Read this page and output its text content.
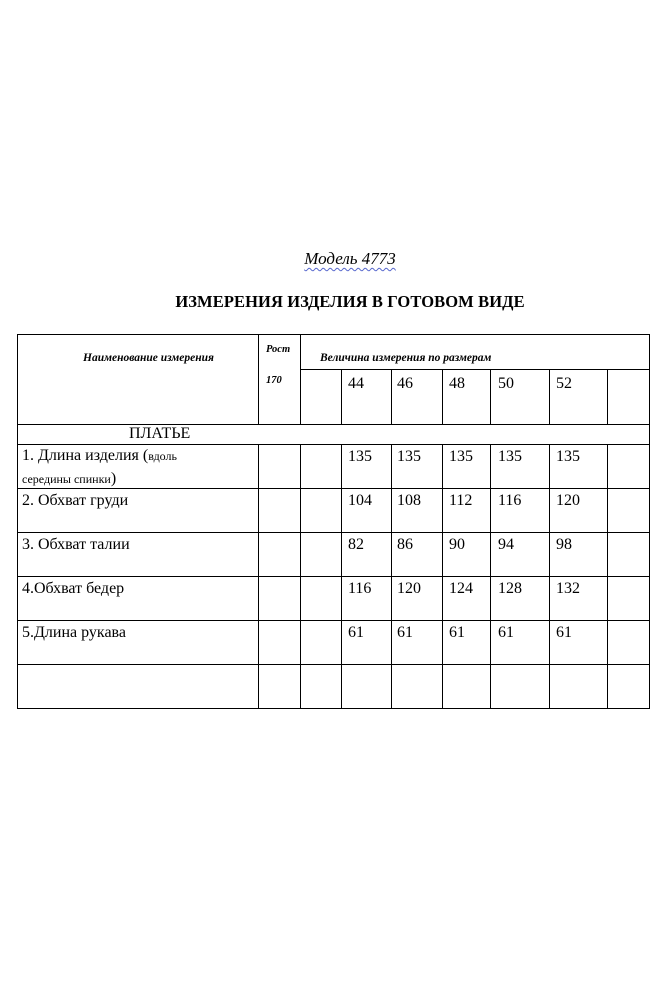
Модель 4773
ИЗМЕРЕНИЯ ИЗДЕЛИЯ В ГОТОВОМ ВИДЕ
Наименование измерения
Рост
170
Величина измерения по размерам
44 46 48 50	52
ПЛАТЬЕ
1. Длина изделия (вдоль
середины спинки)
135 135 135 135 135
2. Обхват груди	104 108 112 116 120
3. Обхват талии	82 86 90 94	98
4.Обхват бедер	116 120 124 128 132
5.Длина рукава	61 61 61 61	61
